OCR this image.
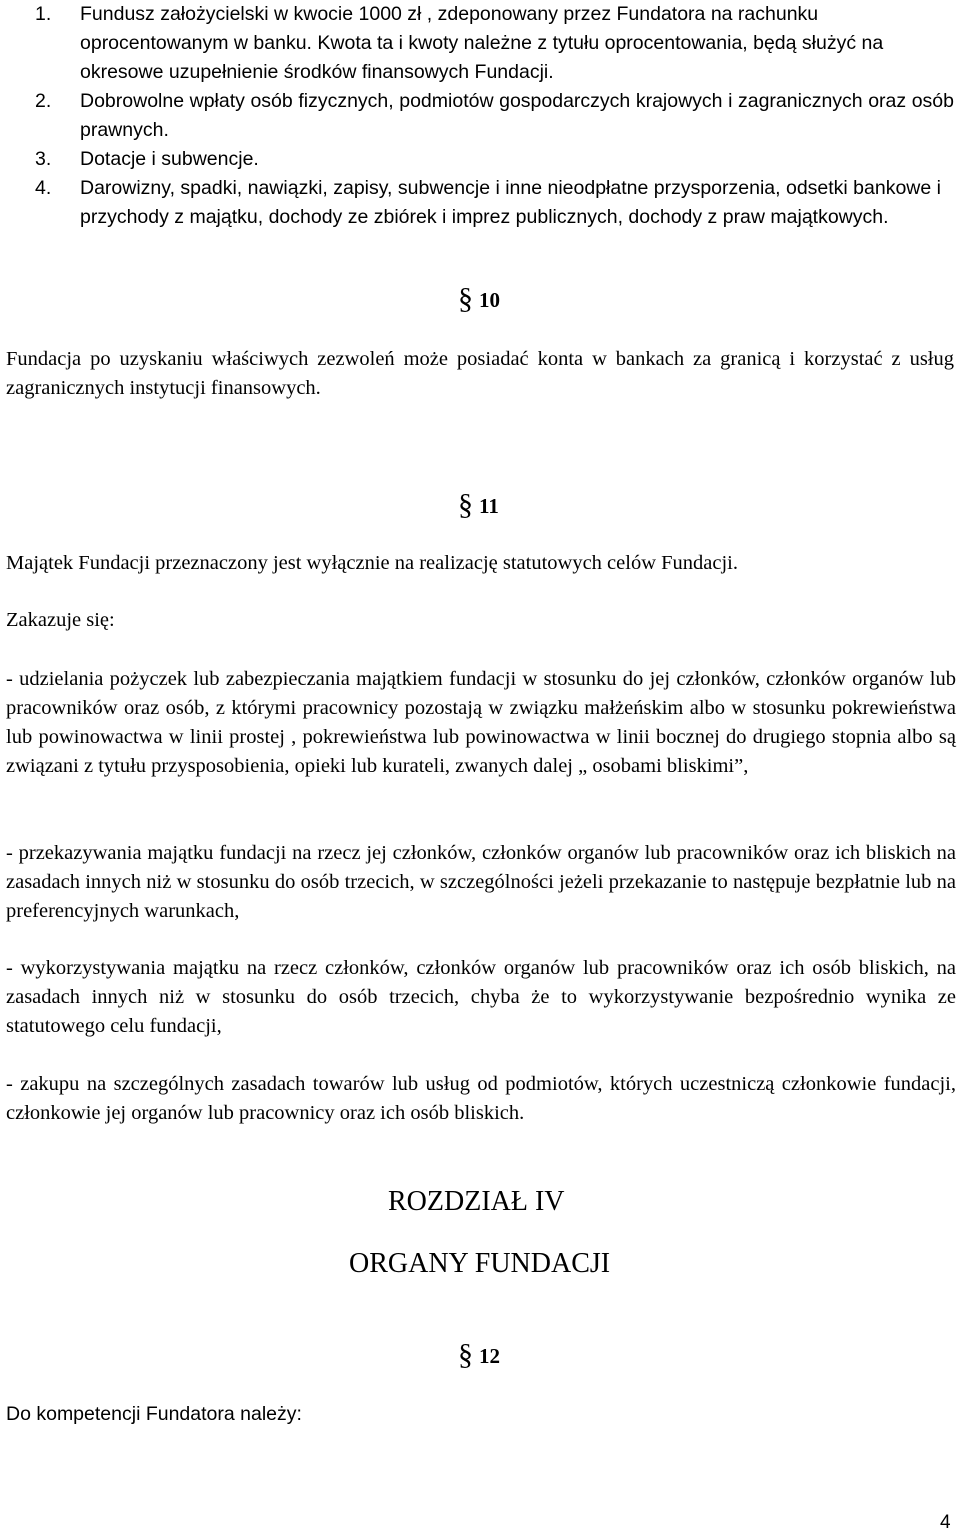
1. Fundusz założycielski w kwocie 1000 zł , zdeponowany przez Fundatora na rachunku oprocentowanym w banku. Kwota ta i kwoty należne z tytułu oprocentowania, będą służyć na okresowe uzupełnienie środków finansowych Fundacji.
2. Dobrowolne wpłaty osób fizycznych, podmiotów gospodarczych krajowych i zagranicznych oraz osób prawnych.
3. Dotacje i subwencje.
4. Darowizny, spadki, nawiązki, zapisy, subwencje i inne nieodpłatne przysporzenia, odsetki bankowe i przychody z majątku, dochody ze zbiórek i imprez publicznych, dochody z praw majątkowych.
§ 10
Fundacja po uzyskaniu właściwych zezwoleń może posiadać konta w bankach za granicą i korzystać z usług zagranicznych instytucji finansowych.
§ 11
Majątek Fundacji przeznaczony jest wyłącznie na realizację statutowych celów Fundacji.
Zakazuje się:
- udzielania pożyczek lub zabezpieczania majątkiem fundacji w stosunku do jej członków, członków organów lub pracowników oraz osób, z którymi pracownicy pozostają w związku małżeńskim albo w stosunku pokrewieństwa lub powinowactwa w linii prostej , pokrewieństwa lub powinowactwa w linii bocznej do drugiego stopnia albo są związani z tytułu przysposobienia, opieki lub kurateli, zwanych dalej „ osobami bliskimi”,
- przekazywania majątku fundacji na rzecz jej członków, członków organów lub pracowników oraz ich bliskich na zasadach innych niż w stosunku do osób trzecich, w szczególności jeżeli przekazanie to następuje bezpłatnie lub na preferencyjnych warunkach,
- wykorzystywania majątku na rzecz członków, członków organów lub pracowników oraz ich osób bliskich, na zasadach innych niż w stosunku do osób trzecich, chyba że to wykorzystywanie bezpośrednio wynika ze statutowego celu fundacji,
- zakupu na szczególnych zasadach towarów lub usług od podmiotów, których uczestniczą członkowie fundacji, członkowie jej organów lub pracownicy oraz ich osób bliskich.
ROZDZIAŁ IV
ORGANY FUNDACJI
§ 12
Do kompetencji Fundatora należy:
4
